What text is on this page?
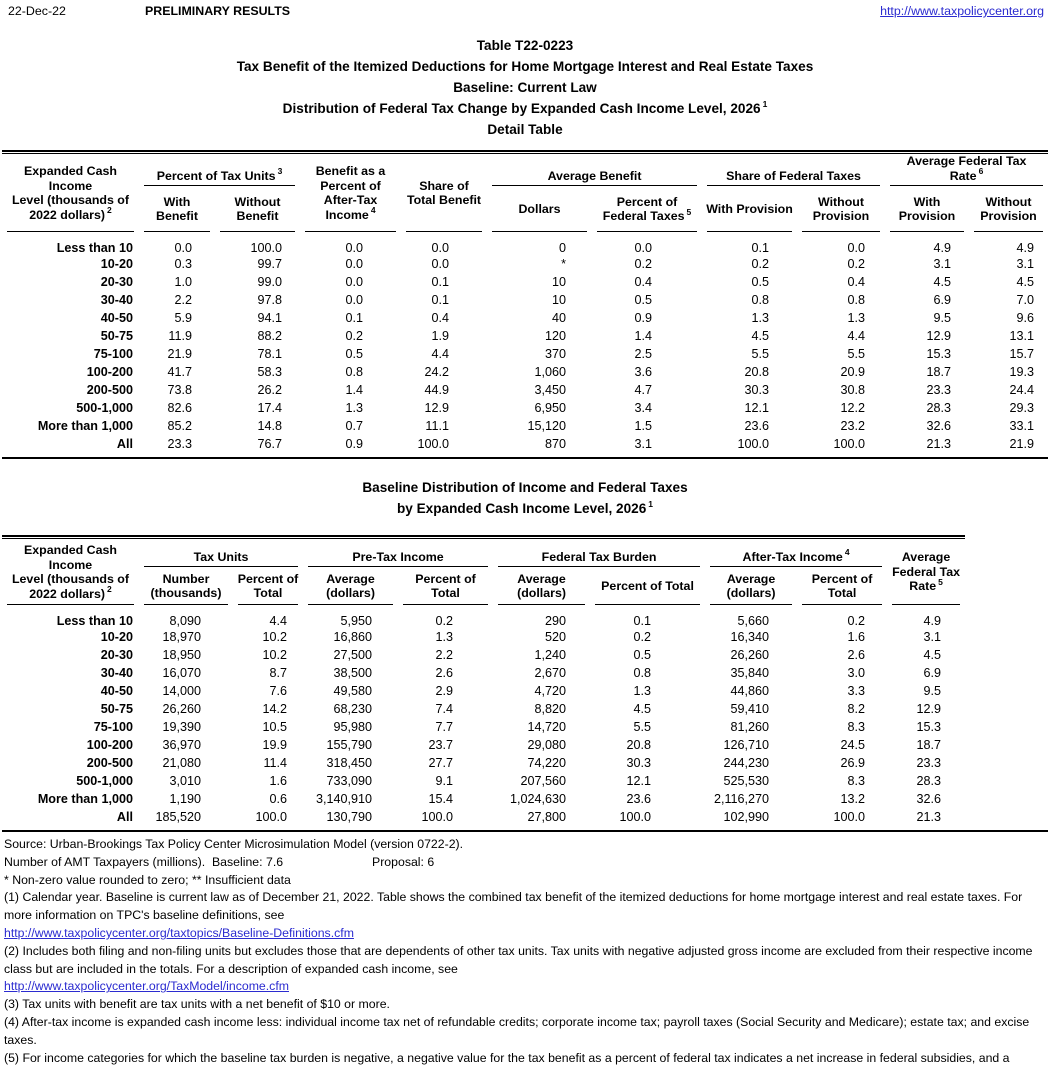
22-Dec-22	PRELIMINARY RESULTS	http://www.taxpolicycenter.org
Table T22-0223
Tax Benefit of the Itemized Deductions for Home Mortgage Interest and Real Estate Taxes
Baseline: Current Law
Distribution of Federal Tax Change by Expanded Cash Income Level, 2026 $^1$
Detail Table
Expanded Cash Income
Level (thousands of
2022 dollars) $^2$	Percent of Tax Units $^3$		Benefit as a Percent of After-Tax Income $^4$	Share of Total Benefit	Average Benefit		Share of Federal Taxes		Average Federal Tax Rate $^6$
	With Benefit	Without Benefit			Dollars	Percent of Federal Taxes $^5$	With Provision	Without Provision	With Provision	Without Provision
Less than 10	0.0	100.0	0.0	0.0	0	0.0	0.1	0.0	4.9	4.9
10-20	0.3	99.7	0.0	0.0	*	0.2	0.2	0.2	3.1	3.1
20-30	1.0	99.0	0.0	0.1	10	0.4	0.5	0.4	4.5	4.5
30-40	2.2	97.8	0.0	0.1	10	0.5	0.8	0.8	6.9	7.0
40-50	5.9	94.1	0.1	0.4	40	0.9	1.3	1.3	9.5	9.6
50-75	11.9	88.2	0.2	1.9	120	1.4	4.5	4.4	12.9	13.1
75-100	21.9	78.1	0.5	4.4	370	2.5	5.5	5.5	15.3	15.7
100-200	41.7	58.3	0.8	24.2	1,060	3.6	20.8	20.9	18.7	19.3
200-500	73.8	26.2	1.4	44.9	3,450	4.7	30.3	30.8	23.3	24.4
500-1,000	82.6	17.4	1.3	12.9	6,950	3.4	12.1	12.2	28.3	29.3
More than 1,000	85.2	14.8	0.7	11.1	15,120	1.5	23.6	23.2	32.6	33.1
All	23.3	76.7	0.9	100.0	870	3.1	100.0	100.0	21.3	21.9
Baseline Distribution of Income and Federal Taxes
by Expanded Cash Income Level, 2026 $^1$
Expanded Cash Income
Level (thousands of
2022 dollars) $^2$	Tax Units		Pre-Tax Income		Federal Tax Burden		After-Tax Income $^4$		Average Federal Tax Rate $^5$
	Number (thousands)	Percent of Total	Average (dollars)	Percent of Total	Average (dollars)	Percent of Total	Average (dollars)	Percent of Total	
Less than 10	8,090	4.4	5,950	0.2	290	0.1	5,660	0.2	4.9
10-20	18,970	10.2	16,860	1.3	520	0.2	16,340	1.6	3.1
20-30	18,950	10.2	27,500	2.2	1,240	0.5	26,260	2.6	4.5
30-40	16,070	8.7	38,500	2.6	2,670	0.8	35,840	3.0	6.9
40-50	14,000	7.6	49,580	2.9	4,720	1.3	44,860	3.3	9.5
50-75	26,260	14.2	68,230	7.4	8,820	4.5	59,410	8.2	12.9
75-100	19,390	10.5	95,980	7.7	14,720	5.5	81,260	8.3	15.3
100-200	36,970	19.9	155,790	23.7	29,080	20.8	126,710	24.5	18.7
200-500	21,080	11.4	318,450	27.7	74,220	30.3	244,230	26.9	23.3
500-1,000	3,010	1.6	733,090	9.1	207,560	12.1	525,530	8.3	28.3
More than 1,000	1,190	0.6	3,140,910	15.4	1,024,630	23.6	2,116,270	13.2	32.6
All	185,520	100.0	130,790	100.0	27,800	100.0	102,990	100.0	21.3

Source: Urban-Brookings Tax Policy Center Microsimulation Model (version 0722-2).

Number of AMT Taxpayers (millions).  Baseline: 7.6	Proposal: 6

* Non-zero value rounded to zero; ** Insufficient data

(1) Calendar year. Baseline is current law as of December 21, 2022. Table shows the combined tax benefit of the itemized deductions for home mortgage interest and real estate taxes. For more information on TPC's baseline definitions, see

http://www.taxpolicycenter.org/taxtopics/Baseline-Definitions.cfm

(2) Includes both filing and non-filing units but excludes those that are dependents of other tax units. Tax units with negative adjusted gross income are excluded from their respective income class but are included in the totals. For a description of expanded cash income, see

http://www.taxpolicycenter.org/TaxModel/income.cfm

(3) Tax units with benefit are tax units with a net benefit of $10 or more.

(4) After-tax income is expanded cash income less: individual income tax net of refundable credits; corporate income tax; payroll taxes (Social Security and Medicare); estate tax; and excise taxes.

(5) For income categories for which the baseline tax burden is negative, a negative value for the tax benefit as a percent of federal tax indicates a net increase in federal subsidies, and a
